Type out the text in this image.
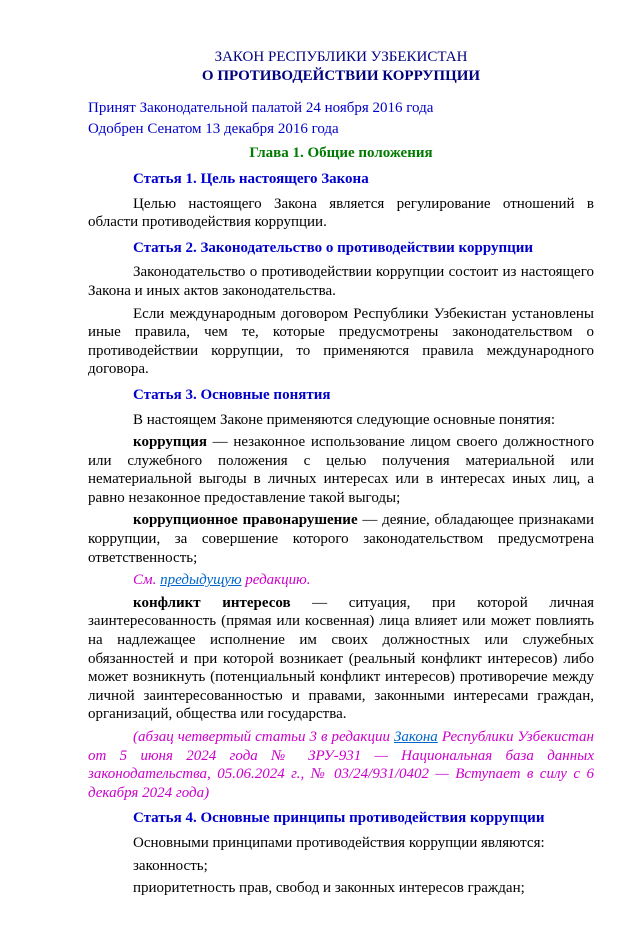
ЗАКОН РЕСПУБЛИКИ УЗБЕКИСТАН
О ПРОТИВОДЕЙСТВИИ КОРРУПЦИИ

Принят Законодательной палатой 24 ноября 2016 года

Одобрен Сенатом 13 декабря 2016 года

Глава 1. Общие положения
Статья 1. Цель настоящего Закона

Целью настоящего Закона является регулирование отношений в области противодействия коррупции.

Статья 2. Законодательство о противодействии коррупции

Законодательство о противодействии коррупции состоит из настоящего Закона и иных актов законодательства.

Если международным договором Республики Узбекистан установлены иные правила, чем те, которые предусмотрены законодательством о противодействии коррупции, то применяются правила международного договора.

Статья 3. Основные понятия

В настоящем Законе применяются следующие основные понятия:

коррупция — незаконное использование лицом своего должностного или служебного положения с целью получения материальной или нематериальной выгоды в личных интересах или в интересах иных лиц, а равно незаконное предоставление такой выгоды;

коррупционное правонарушение — деяние, обладающее признаками коррупции, за совершение которого законодательством предусмотрена ответственность;

См. предыдущую редакцию.

конфликт интересов — ситуация, при которой личная заинтересованность (прямая или косвенная) лица влияет или может повлиять на надлежащее исполнение им своих должностных или служебных обязанностей и при которой возникает (реальный конфликт интересов) либо может возникнуть (потенциальный конфликт интересов) противоречие между личной заинтересованностью и правами, законными интересами граждан, организаций, общества или государства.

(абзац четвертый статьи 3 в редакции Закона Республики Узбекистан от 5 июня 2024 года № ЗРУ-931 — Национальная база данных законодательства, 05.06.2024 г., № 03/24/931/0402 — Вступает в силу с 6 декабря 2024 года)

Статья 4. Основные принципы противодействия коррупции

Основными принципами противодействия коррупции являются:

законность;

приоритетность прав, свобод и законных интересов граждан;
